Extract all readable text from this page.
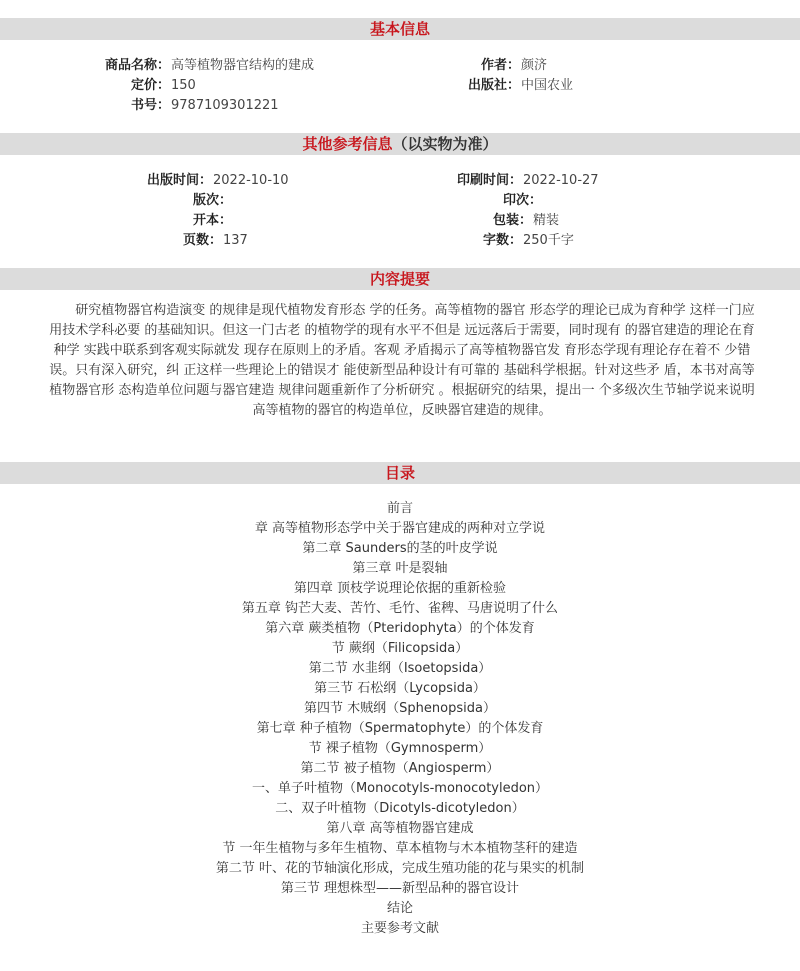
基本信息
商品名称： 高等植物器官结构的建成	作者： 颜济
定价： 150	出版社： 中国农业
书号： 9787109301221
其他参考信息（以实物为准）
出版时间： 2022-10-10	印刷时间： 2022-10-27
版次：	印次：
开本：	包装： 精装
页数： 137	字数： 250千字
内容提要

研究植物器官构造演变 的规律是现代植物发育形态 学的任务。高等植物的器官 形态学的理论已成为育种学 这样一门应

用技术学科必要 的基础知识。但这一门古老 的植物学的现有水平不但是 远远落后于需要，同时现有 的器官建造的理论在育

种学 实践中联系到客观实际就发 现存在原则上的矛盾。客观 矛盾揭示了高等植物器官发 育形态学现有理论存在着不 少错

误。只有深入研究，纠 正这样一些理论上的错误才 能使新型品种设计有可靠的 基础科学根据。针对这些矛 盾，本书对高等

植物器官形 态构造单位问题与器官建造 规律问题重新作了分析研究 。根据研究的结果，提出一 个多级次生节轴学说来说明

高等植物的器官的构造单位，反映器官建造的规律。

目录
前言
章 高等植物形态学中关于器官建成的两种对立学说
第二章 Saunders的茎的叶皮学说
第三章 叶是裂轴
第四章 顶枝学说理论依据的重新检验
第五章 钩芒大麦、苦竹、毛竹、雀稗、马唐说明了什么
第六章 蕨类植物（Pteridophyta）的个体发育
节 蕨纲（Filicopsida）
第二节 水韭纲（Isoetopsida）
第三节 石松纲（Lycopsida）
第四节 木贼纲（Sphenopsida）
第七章 种子植物（Spermatophyte）的个体发育
节 裸子植物（Gymnosperm）
第二节 被子植物（Angiosperm）
一、单子叶植物（Monocotyls-monocotyledon）
二、双子叶植物（Dicotyls-dicotyledon）
第八章 高等植物器官建成
节 一年生植物与多年生植物、草本植物与木本植物茎秆的建造
第二节 叶、花的节轴演化形成，完成生殖功能的花与果实的机制
第三节 理想株型——新型品种的器官设计
结论
主要参考文献
